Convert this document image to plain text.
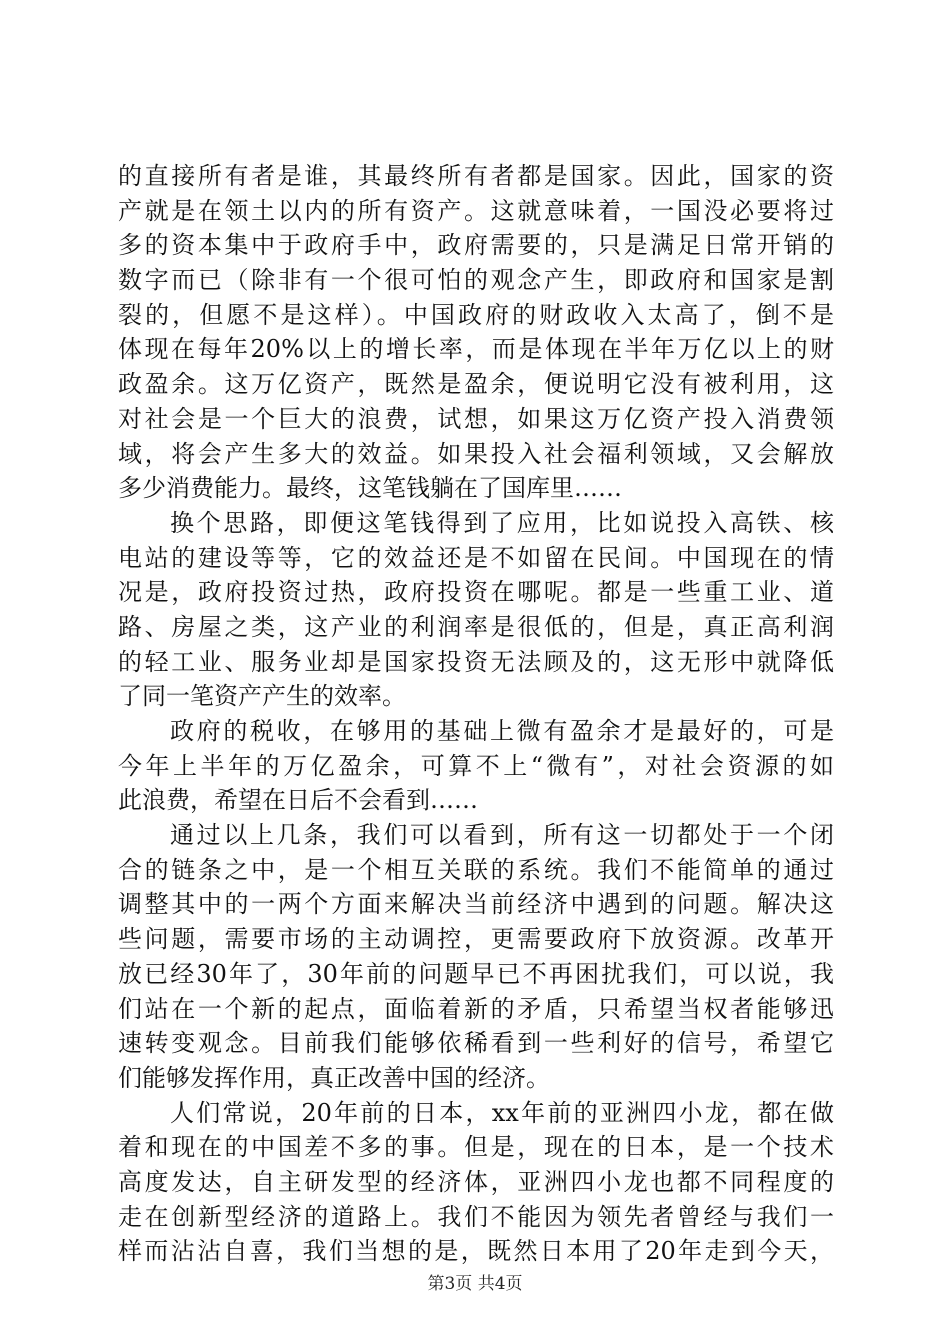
的直接所有者是谁，其最终所有者都是国家。因此，国家的资
产就是在领土以内的所有资产。这就意味着，一国没必要将过
多的资本集中于政府手中，政府需要的，只是满足日常开销的
数字而已（除非有一个很可怕的观念产生，即政府和国家是割
裂的，但愿不是这样）。中国政府的财政收入太高了，倒不是
体现在每年20%以上的增长率，而是体现在半年万亿以上的财
政盈余。这万亿资产，既然是盈余，便说明它没有被利用，这
对社会是一个巨大的浪费，试想，如果这万亿资产投入消费领
域，将会产生多大的效益。如果投入社会福利领域，又会解放
多少消费能力。最终，这笔钱躺在了国库里……
换个思路，即便这笔钱得到了应用，比如说投入高铁、核
电站的建设等等，它的效益还是不如留在民间。中国现在的情
况是，政府投资过热，政府投资在哪呢。都是一些重工业、道
路、房屋之类，这产业的利润率是很低的，但是，真正高利润
的轻工业、服务业却是国家投资无法顾及的，这无形中就降低
了同一笔资产产生的效率。
政府的税收，在够用的基础上微有盈余才是最好的，可是
今年上半年的万亿盈余，可算不上“微有”，对社会资源的如
此浪费，希望在日后不会看到……
通过以上几条，我们可以看到，所有这一切都处于一个闭
合的链条之中，是一个相互关联的系统。我们不能简单的通过
调整其中的一两个方面来解决当前经济中遇到的问题。解决这
些问题，需要市场的主动调控，更需要政府下放资源。改革开
放已经30年了，30年前的问题早已不再困扰我们，可以说，我
们站在一个新的起点，面临着新的矛盾，只希望当权者能够迅
速转变观念。目前我们能够依稀看到一些利好的信号，希望它
们能够发挥作用，真正改善中国的经济。
人们常说，20年前的日本，xx年前的亚洲四小龙，都在做
着和现在的中国差不多的事。但是，现在的日本，是一个技术
高度发达，自主研发型的经济体，亚洲四小龙也都不同程度的
走在创新型经济的道路上。我们不能因为领先者曾经与我们一
样而沾沾自喜，我们当想的是，既然日本用了20年走到今天，
第3页 共4页
